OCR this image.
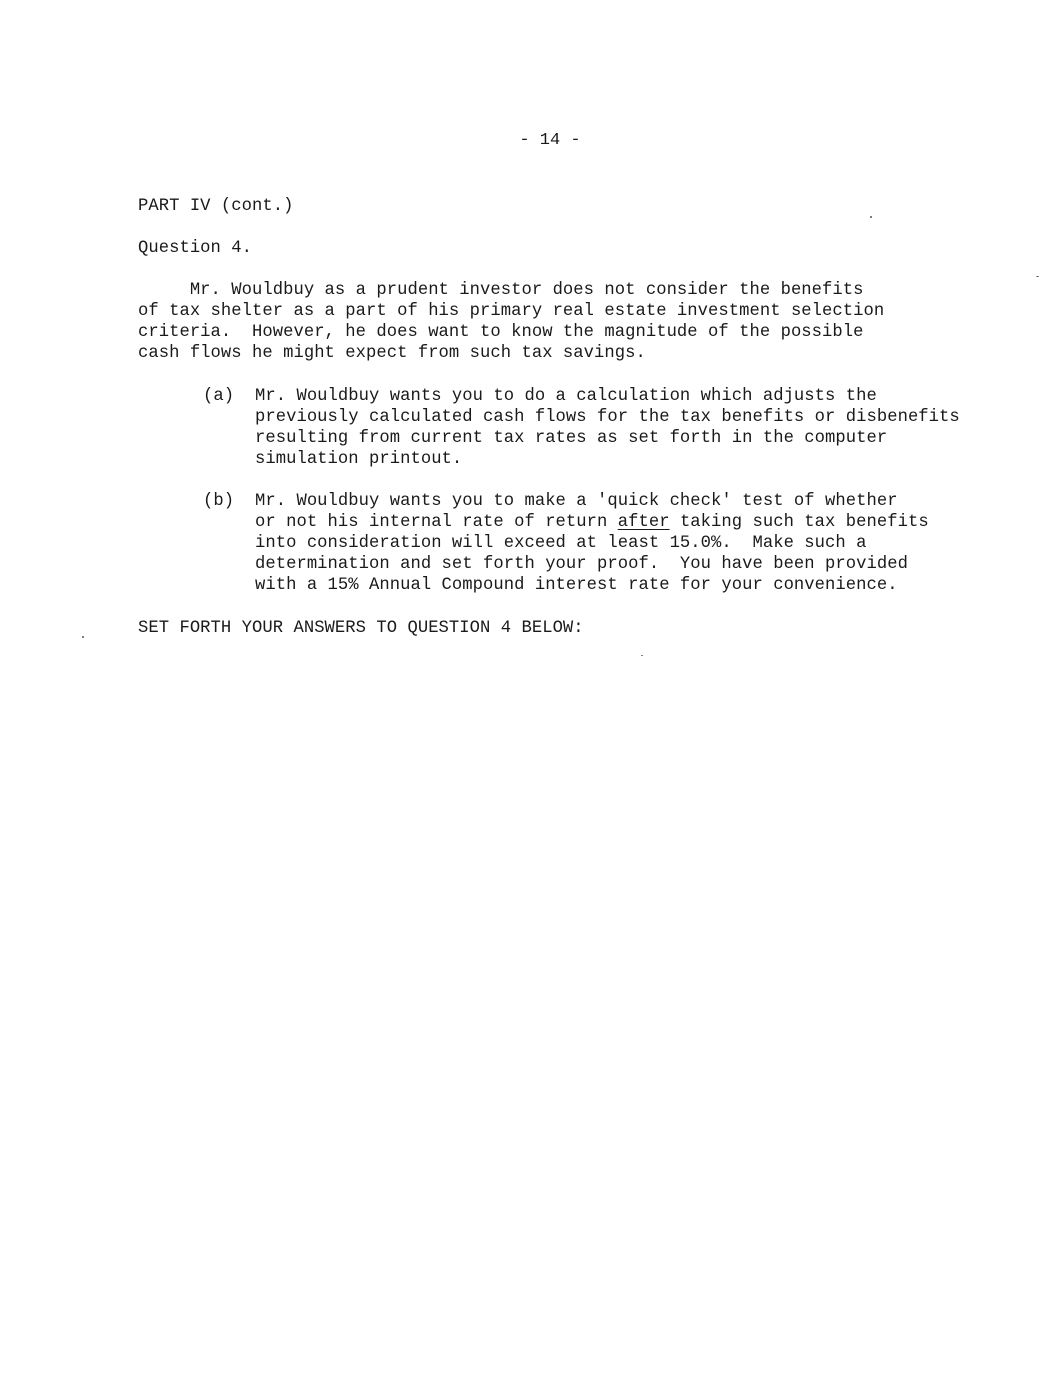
- 14 -
PART IV (cont.)
Question 4.
Mr. Wouldbuy as a prudent investor does not consider the benefits
of tax shelter as a part of his primary real estate investment selection
criteria.  However, he does want to know the magnitude of the possible
cash flows he might expect from such tax savings.
(a) Mr. Wouldbuy wants you to do a calculation which adjusts the
previously calculated cash flows for the tax benefits or disbenefits
resulting from current tax rates as set forth in the computer
simulation printout.
(b) Mr. Wouldbuy wants you to make a 'quick check' test of whether
or not his internal rate of return after taking such tax benefits
into consideration will exceed at least 15.0%.  Make such a
determination and set forth your proof.  You have been provided
with a 15% Annual Compound interest rate for your convenience.
SET FORTH YOUR ANSWERS TO QUESTION 4 BELOW:
